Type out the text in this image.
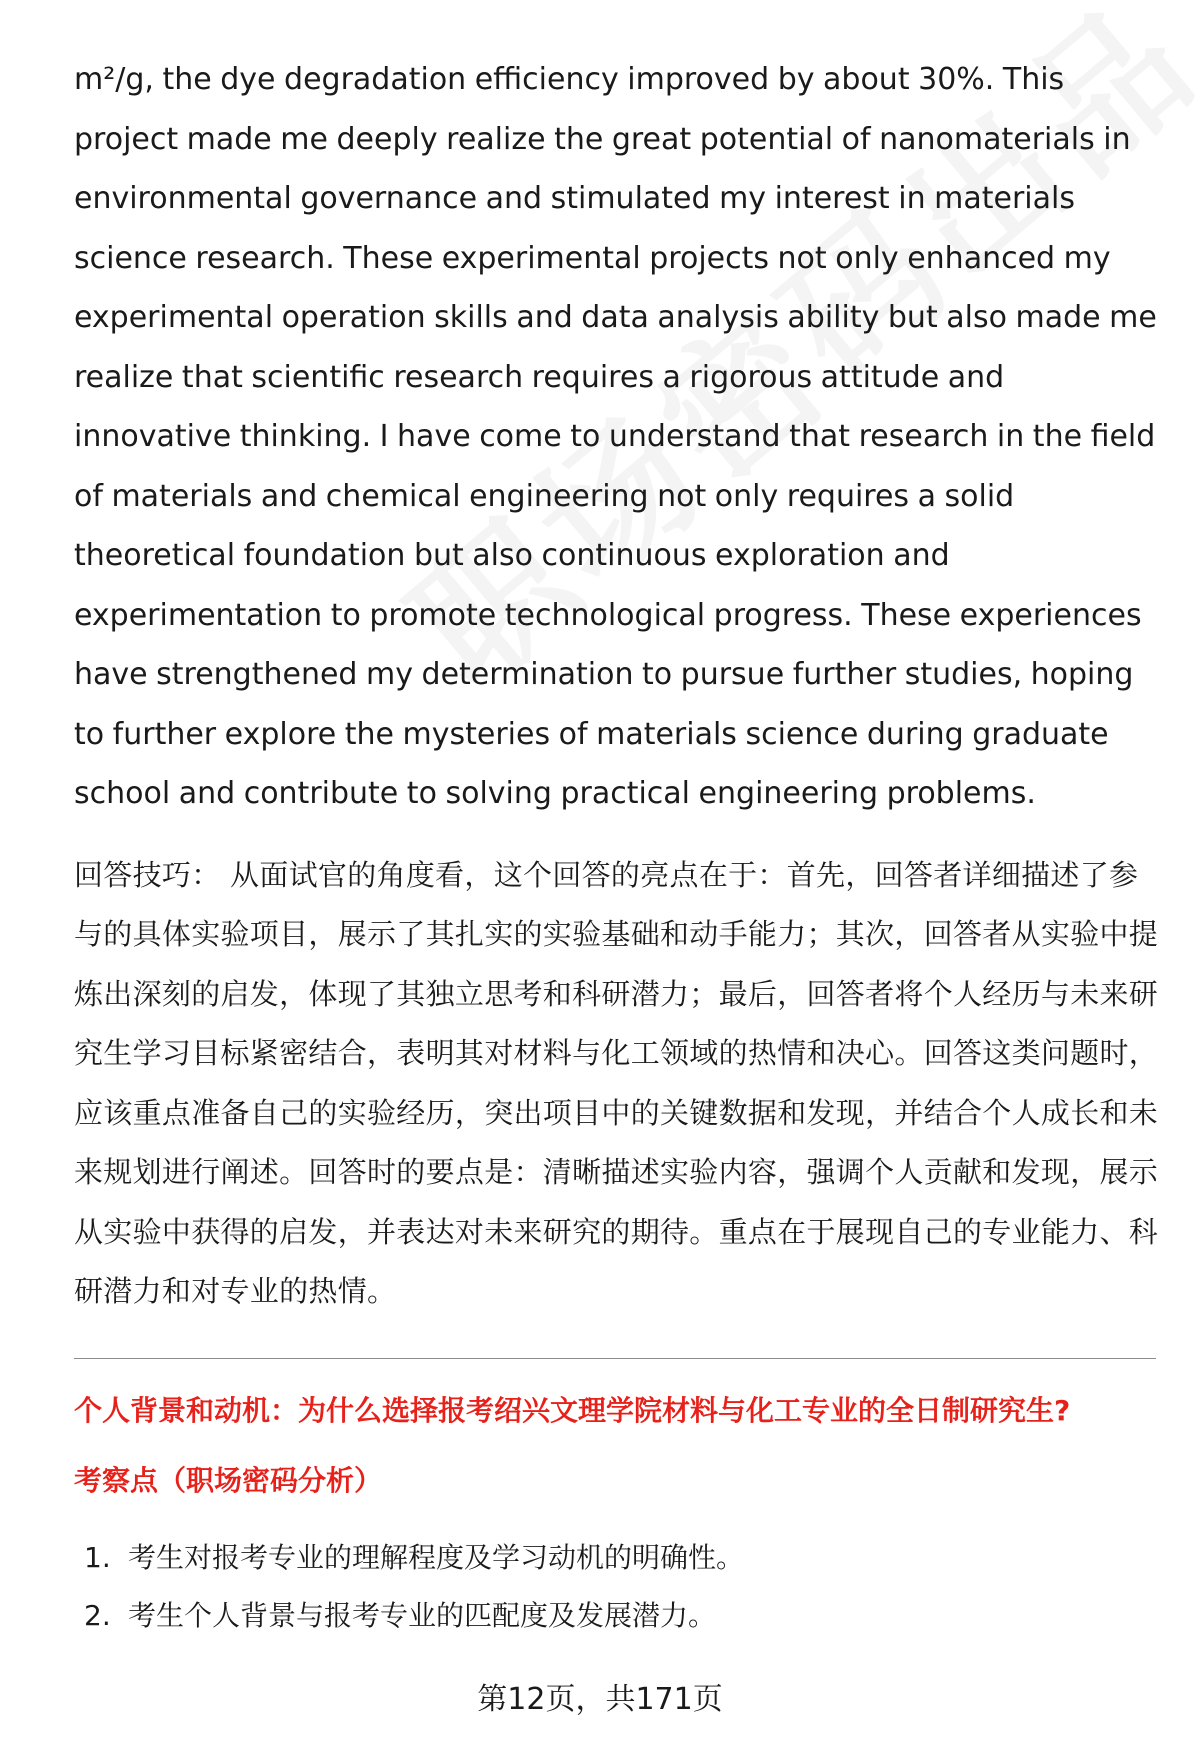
m²/g, the dye degradation efficiency improved by about 30%. This project made me deeply realize the great potential of nanomaterials in environmental governance and stimulated my interest in materials science research. These experimental projects not only enhanced my experimental operation skills and data analysis ability but also made me realize that scientific research requires a rigorous attitude and innovative thinking. I have come to understand that research in the field of materials and chemical engineering not only requires a solid theoretical foundation but also continuous exploration and experimentation to promote technological progress. These experiences have strengthened my determination to pursue further studies, hoping to further explore the mysteries of materials science during graduate school and contribute to solving practical engineering problems.

回答技巧： 从面试官的角度看，这个回答的亮点在于：首先，回答者详细描述了参与的具体实验项目，展示了其扎实的实验基础和动手能力；其次，回答者从实验中提炼出深刻的启发，体现了其独立思考和科研潜力；最后，回答者将个人经历与未来研究生学习目标紧密结合，表明其对材料与化工领域的热情和决心。回答这类问题时，应该重点准备自己的实验经历，突出项目中的关键数据和发现，并结合个人成长和未来规划进行阐述。回答时的要点是：清晰描述实验内容，强调个人贡献和发现，展示从实验中获得的启发，并表达对未来研究的期待。重点在于展现自己的专业能力、科研潜力和对专业的热情。

个人背景和动机：为什么选择报考绍兴文理学院材料与化工专业的全日制研究生?

考察点（职场密码分析）

1. 考生对报考专业的理解程度及学习动机的明确性。
2. 考生个人背景与报考专业的匹配度及发展潜力。
第12页，共171页
